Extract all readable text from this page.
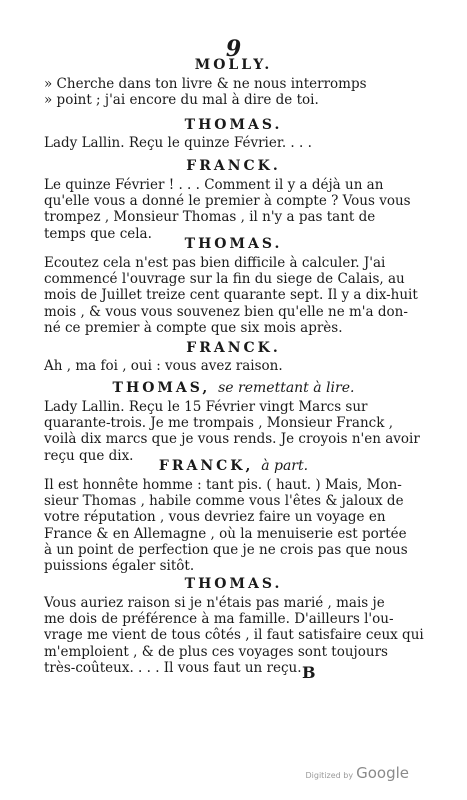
9
MOLLY.
» Cherche dans ton livre & ne nous interromps
» point ; j'ai encore du mal à dire de toi.
THOMAS.
Lady Lallin. Reçu le quinze Février. . . .
FRANCK.
Le quinze Février ! . . . Comment il y a déjà un an
qu'elle vous a donné le premier à compte ? Vous vous
trompez , Monsieur Thomas , il n'y a pas tant de
temps que cela.
THOMAS.
Ecoutez cela n'est pas bien difficile à calculer. J'ai
commencé l'ouvrage sur la fin du siege de Calais, au
mois de Juillet treize cent quarante sept. Il y a dix-huit
mois , & vous vous souvenez bien qu'elle ne m'a don-
né ce premier à compte que six mois après.
FRANCK.
Ah , ma foi , oui : vous avez raison.
THOMAS, se remettant à lire.
Lady Lallin. Reçu le 15 Février vingt Marcs sur
quarante-trois. Je me trompais , Monsieur Franck ,
voilà dix marcs que je vous rends. Je croyois n'en avoir
reçu que dix.
FRANCK, à part.
Il est honnête homme : tant pis. ( haut. ) Mais, Mon-
sieur Thomas , habile comme vous l'êtes & jaloux de
votre réputation , vous devriez faire un voyage en
France & en Allemagne , où la menuiserie est portée
à un point de perfection que je ne crois pas que nous
puissions égaler sitôt.
THOMAS.
Vous auriez raison si je n'étais pas marié , mais je
me dois de préférence à ma famille. D'ailleurs l'ou-
vrage me vient de tous côtés , il faut satisfaire ceux qui
m'emploient , & de plus ces voyages sont toujours
très-coûteux. . . . Il vous faut un reçu. B
Digitized by Google
